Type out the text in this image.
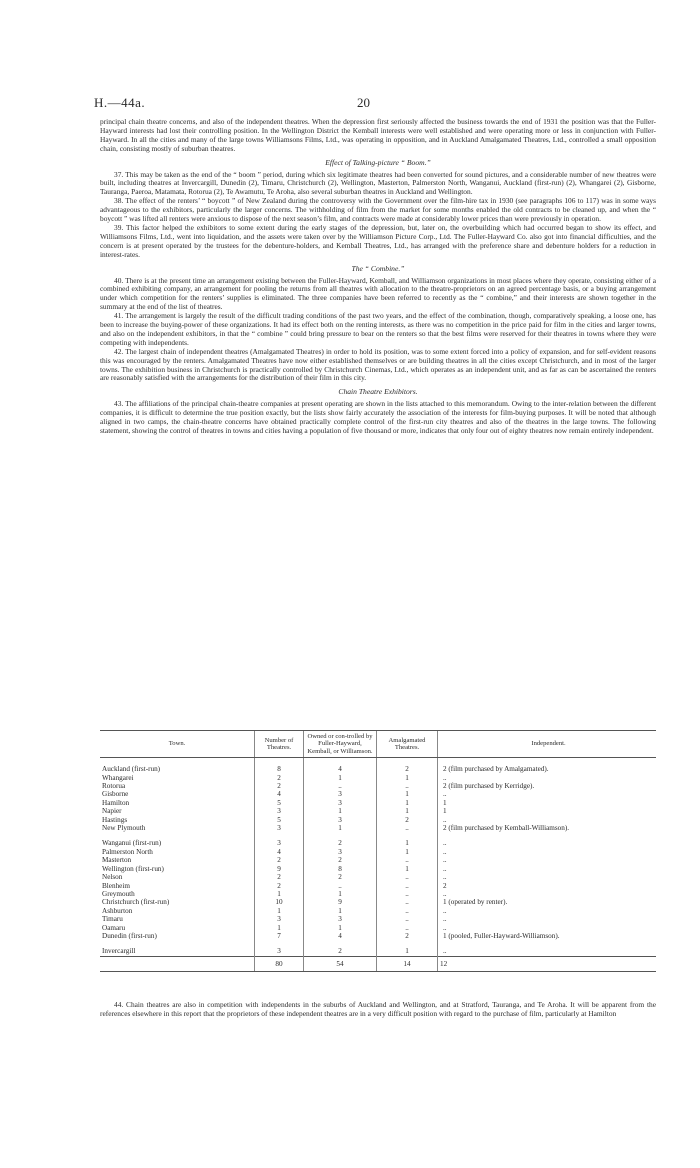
H.—44a.	20

principal chain theatre concerns, and also of the independent theatres. When the depression first seriously affected the business towards the end of 1931 the position was that the Fuller-Hayward interests had lost their controlling position. In the Wellington District the Kemball interests were well established and were operating more or less in conjunction with Fuller-Hayward. In all the cities and many of the large towns Williamsons Films, Ltd., was operating in opposition, and in Auckland Amalgamated Theatres, Ltd., controlled a small opposition chain, consisting mostly of suburban theatres.

Effect of Talking-picture “ Boom.”

37. This may be taken as the end of the “ boom ” period, during which six legitimate theatres had been converted for sound pictures, and a considerable number of new theatres were built, including theatres at Invercargill, Dunedin (2), Timaru, Christchurch (2), Wellington, Masterton, Palmerston North, Wanganui, Auckland (first-run) (2), Whangarei (2), Gisborne, Tauranga, Paeroa, Matamata, Rotorua (2), Te Awamutu, Te Aroha, also several suburban theatres in Auckland and Wellington.

38. The effect of the renters’ “ boycott ” of New Zealand during the controversy with the Government over the film-hire tax in 1930 (see paragraphs 106 to 117) was in some ways advantageous to the exhibitors, particularly the larger concerns. The withholding of film from the market for some months enabled the old contracts to be cleaned up, and when the “ boycott ” was lifted all renters were anxious to dispose of the next season’s film, and contracts were made at considerably lower prices than were previously in operation.

39. This factor helped the exhibitors to some extent during the early stages of the depression, but, later on, the overbuilding which had occurred began to show its effect, and Williamsons Films, Ltd., went into liquidation, and the assets were taken over by the Williamson Picture Corp., Ltd. The Fuller-Hayward Co. also got into financial difficulties, and the concern is at present operated by the trustees for the debenture-holders, and Kemball Theatres, Ltd., has arranged with the preference share and debenture holders for a reduction in interest-rates.

The “ Combine.”

40. There is at the present time an arrangement existing between the Fuller-Hayward, Kemball, and Williamson organizations in most places where they operate, consisting either of a combined exhibiting company, an arrangement for pooling the returns from all theatres with allocation to the theatre-proprietors on an agreed percentage basis, or a buying arrangement under which competition for the renters’ supplies is eliminated. The three companies have been referred to recently as the “ combine,” and their interests are shown together in the summary at the end of the list of theatres.

41. The arrangement is largely the result of the difficult trading conditions of the past two years, and the effect of the combination, though, comparatively speaking, a loose one, has been to increase the buying-power of these organizations. It had its effect both on the renting interests, as there was no competition in the price paid for film in the cities and larger towns, and also on the independent exhibitors, in that the “ combine ” could bring pressure to bear on the renters so that the best films were reserved for their theatres in towns where they were competing with independents.

42. The largest chain of independent theatres (Amalgamated Theatres) in order to hold its position, was to some extent forced into a policy of expansion, and for self-evident reasons this was encouraged by the renters. Amalgamated Theatres have now either established themselves or are building theatres in all the cities except Christchurch, and in most of the larger towns. The exhibition business in Christchurch is practically controlled by Christchurch Cinemas, Ltd., which operates as an independent unit, and as far as can be ascertained the renters are reasonably satisfied with the arrangements for the distribution of their film in this city.

Chain Theatre Exhibitors.

43. The affiliations of the principal chain-theatre companies at present operating are shown in the lists attached to this memorandum. Owing to the inter-relation between the different companies, it is difficult to determine the true position exactly, but the lists show fairly accurately the association of the interests for film-buying purposes. It will be noted that although aligned in two camps, the chain-theatre concerns have obtained practically complete control of the first-run city theatres and also of the theatres in the large towns. The following statement, showing the control of theatres in towns and cities having a population of five thousand or more, indicates that only four out of eighty theatres now remain entirely independent.

Town.	Number of Theatres.	Owned or con-trolled by Fuller-Hayward, Kemball, or Williamson.	Amalgamated Theatres.	Independent.

Auckland (first-run)	8	4	2	2 (film purchased by Amalgamated).
Whangarei	2	1	1	..
Rotorua	2	..	..	2 (film purchased by Kerridge).
Gisborne	4	3	1	..
Hamilton	5	3	1	1
Napier	3	1	1	1
Hastings	5	3	2	..
New Plymouth	3	1	..	2 (film purchased by Kemball-Williamson).

Wanganui (first-run)	3	2	1	..
Palmerston North	4	3	1	..
Masterton	2	2	..	..
Wellington (first-run)	9	8	1	..
Nelson	2	2	..	..
Blenheim	2	..	..	2
Greymouth	1	1	..	..
Christchurch (first-run)	10	9	..	1 (operated by renter).
Ashburton	1	1	..	..
Timaru	3	3	..	..
Oamaru	1	1	..	..
Dunedin (first-run)	7	4	2	1 (pooled, Fuller-Hayward-Williamson).

Invercargill	3	2	1	..
	80	54	14	12

44. Chain theatres are also in competition with independents in the suburbs of Auckland and Wellington, and at Stratford, Tauranga, and Te Aroha. It will be apparent from the references elsewhere in this report that the proprietors of these independent theatres are in a very difficult position with regard to the purchase of film, particularly at Hamilton
